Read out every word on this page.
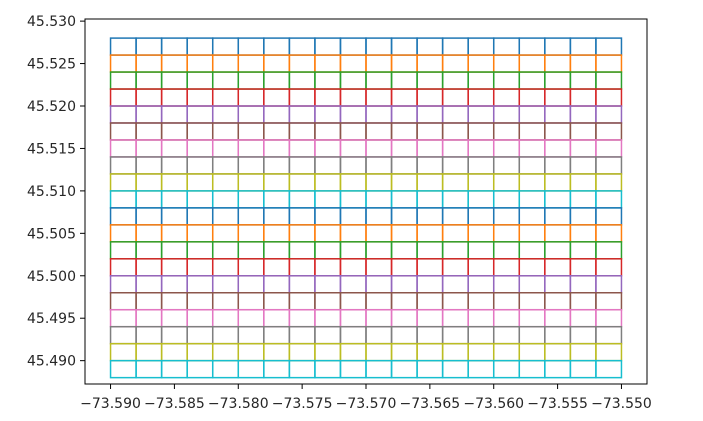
−73.590 −73.585 −73.580 −73.575 −73.570 −73.565 −73.560 −73.555 −73.550
45.490
45.495
45.500
45.505
45.510
45.515
45.520
45.525
45.530
